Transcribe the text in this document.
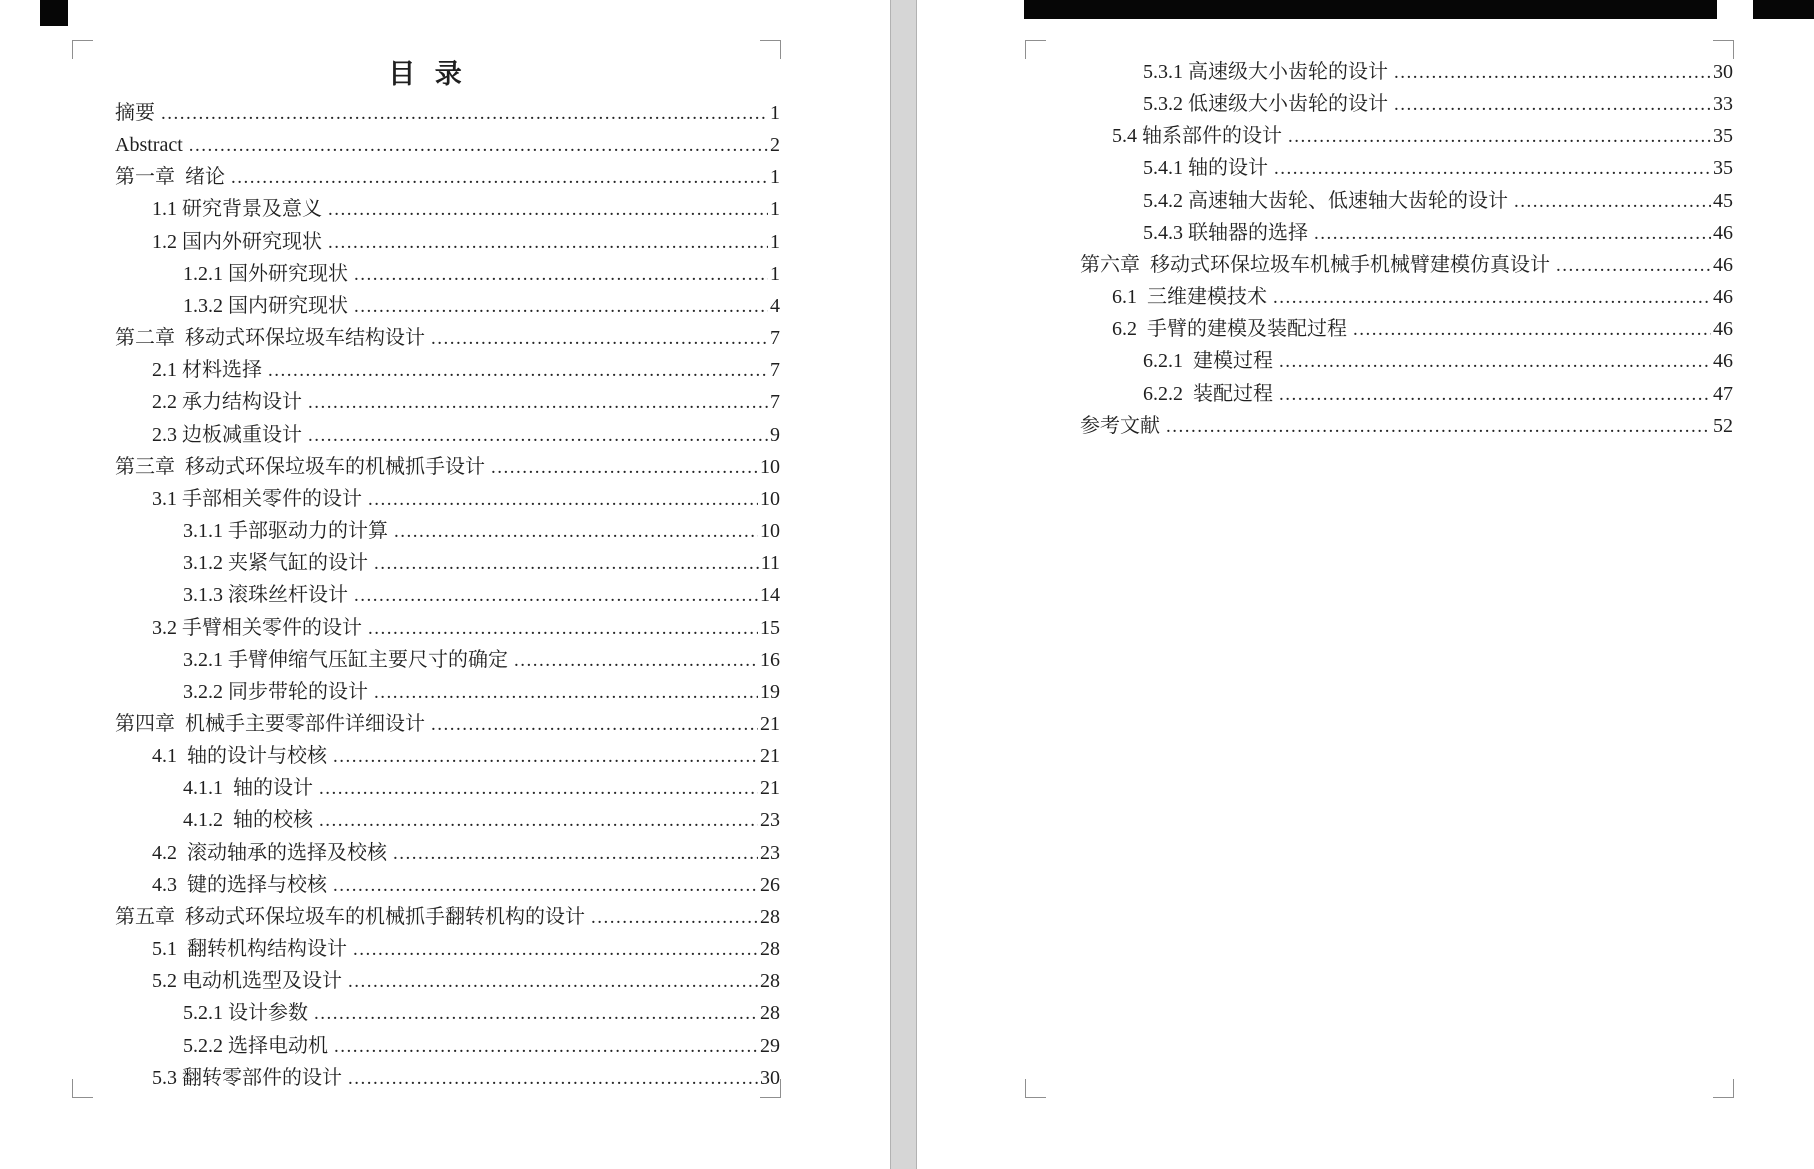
目  录
摘要 .....	1
Abstract .....	2
第一章  绪论 .....	1
1.1 研究背景及意义 .....	1
1.2 国内外研究现状 .....	1
1.2.1 国外研究现状 .....	1
1.3.2 国内研究现状 .....	4
第二章  移动式环保垃圾车结构设计 .....	7
2.1 材料选择 .....	7
2.2 承力结构设计 .....	7
2.3 边板减重设计 .....	9
第三章  移动式环保垃圾车的机械抓手设计 .....	10
3.1 手部相关零件的设计 .....	10
3.1.1 手部驱动力的计算 .....	10
3.1.2 夹紧气缸的设计 .....	11
3.1.3 滚珠丝杆设计 .....	14
3.2 手臂相关零件的设计 .....	15
3.2.1 手臂伸缩气压缸主要尺寸的确定 .....	16
3.2.2 同步带轮的设计 .....	19
第四章  机械手主要零部件详细设计 .....	21
4.1  轴的设计与校核 .....	21
4.1.1  轴的设计 .....	21
4.1.2  轴的校核 .....	23
4.2  滚动轴承的选择及校核 .....	23
4.3  键的选择与校核 .....	26
第五章  移动式环保垃圾车的机械抓手翻转机构的设计 .....	28
5.1  翻转机构结构设计 .....	28
5.2 电动机选型及设计 .....	28
5.2.1 设计参数 .....	28
5.2.2 选择电动机 .....	29
5.3 翻转零部件的设计 .....	30
5.3.1 高速级大小齿轮的设计 .....	30
5.3.2 低速级大小齿轮的设计 .....	33
5.4 轴系部件的设计 .....	35
5.4.1 轴的设计 .....	35
5.4.2 高速轴大齿轮、低速轴大齿轮的设计 .....	45
5.4.3 联轴器的选择 .....	46
第六章  移动式环保垃圾车机械手机械臂建模仿真设计 .....	46
6.1  三维建模技术 .....	46
6.2  手臂的建模及装配过程 .....	46
6.2.1  建模过程 .....	46
6.2.2  装配过程 .....	47
参考文献 .....	52
